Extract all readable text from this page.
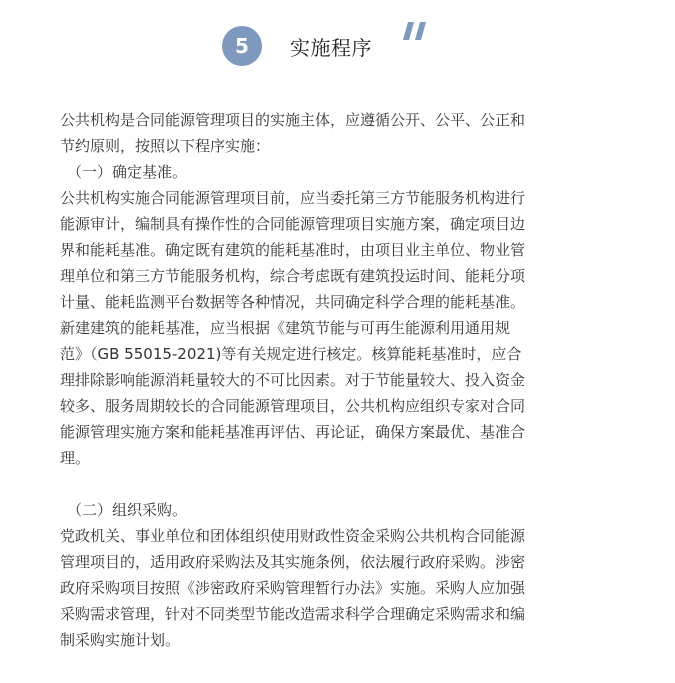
5	实施程序

公共机构是合同能源管理项目的实施主体，应遵循公开、公平、公正和

节约原则，按照以下程序实施：

（一）确定基准。

公共机构实施合同能源管理项目前，应当委托第三方节能服务机构进行

能源审计，编制具有操作性的合同能源管理项目实施方案，确定项目边

界和能耗基准。确定既有建筑的能耗基准时，由项目业主单位、物业管

理单位和第三方节能服务机构，综合考虑既有建筑投运时间、能耗分项

计量、能耗监测平台数据等各种情况，共同确定科学合理的能耗基准。

新建建筑的能耗基准，应当根据《建筑节能与可再生能源利用通用规

范》（GB 55015-2021)等有关规定进行核定。核算能耗基准时，应合

理排除影响能源消耗量较大的不可比因素。对于节能量较大、投入资金

较多、服务周期较长的合同能源管理项目，公共机构应组织专家对合同

能源管理实施方案和能耗基准再评估、再论证，确保方案最优、基准合

理。

（二）组织采购。

党政机关、事业单位和团体组织使用财政性资金采购公共机构合同能源

管理项目的，适用政府采购法及其实施条例，依法履行政府采购。涉密

政府采购项目按照《涉密政府采购管理暂行办法》实施。采购人应加强

采购需求管理，针对不同类型节能改造需求科学合理确定采购需求和编

制采购实施计划。
